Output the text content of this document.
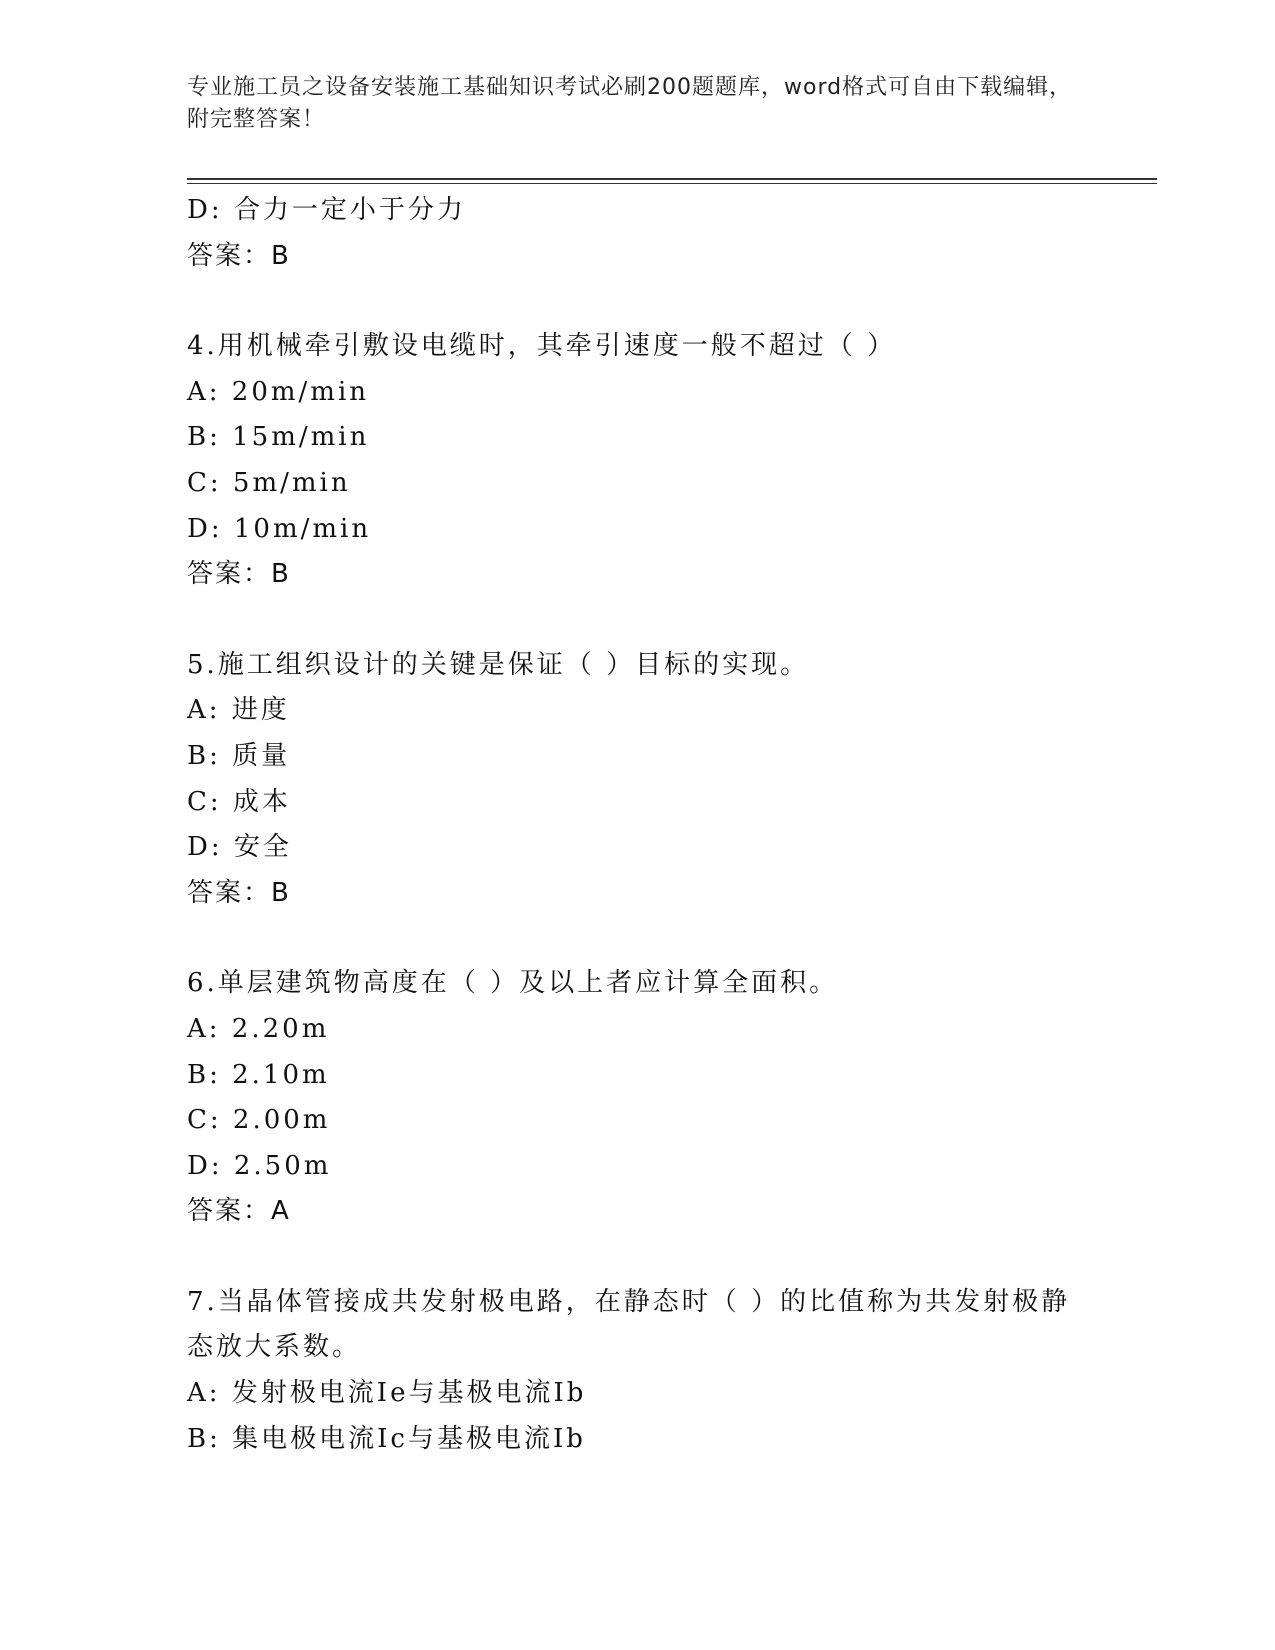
专业施工员之设备安装施工基础知识考试必刷200题题库，word格式可自由下载编辑，附完整答案！
D: 合力一定小于分力
答案：B
4.用机械牵引敷设电缆时，其牵引速度一般不超过（ ）
A: 20m/min
B: 15m/min
C: 5m/min
D: 10m/min
答案：B
5.施工组织设计的关键是保证（ ）目标的实现。
A: 进度
B: 质量
C: 成本
D: 安全
答案：B
6.单层建筑物高度在（ ）及以上者应计算全面积。
A: 2.20m
B: 2.10m
C: 2.00m
D: 2.50m
答案：A
7.当晶体管接成共发射极电路，在静态时（ ）的比值称为共发射极静态放大系数。
A: 发射极电流Ie与基极电流Ib
B: 集电极电流Ic与基极电流Ib
